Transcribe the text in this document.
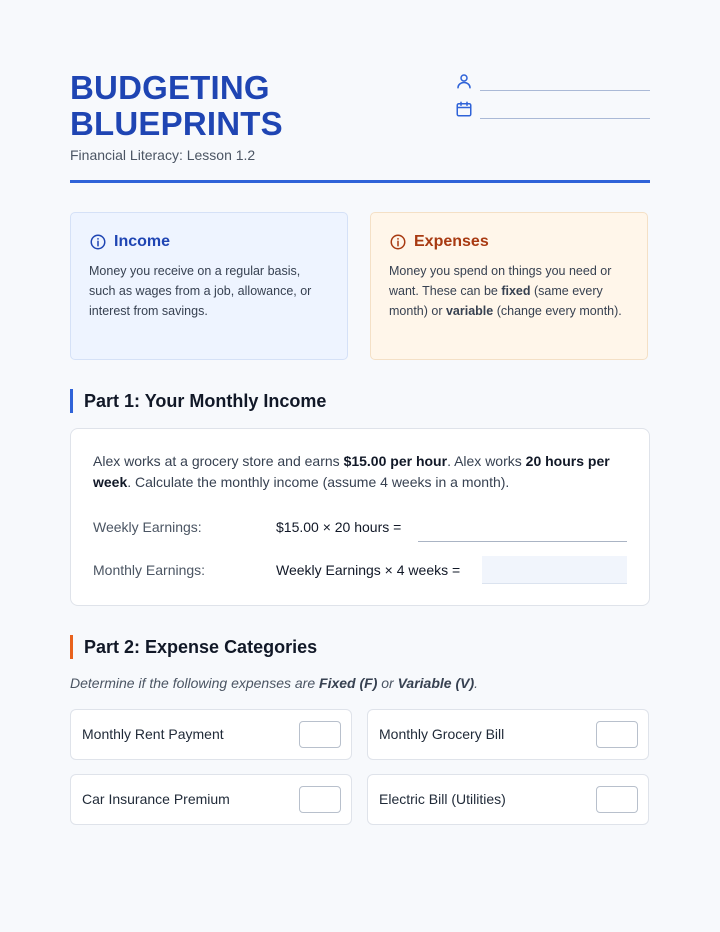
BUDGETING
BLUEPRINTS
Financial Literacy: Lesson 1.2
Income
Money you receive on a regular basis, such as wages from a job, allowance, or interest from savings.
Expenses
Money you spend on things you need or want. These can be fixed (same every month) or variable (change every month).
Part 1: Your Monthly Income
Alex works at a grocery store and earns $15.00 per hour. Alex works 20 hours per week. Calculate the monthly income (assume 4 weeks in a month).
Weekly Earnings:	$15.00 × 20 hours =
Monthly Earnings:	Weekly Earnings × 4 weeks =
Part 2: Expense Categories
Determine if the following expenses are Fixed (F) or Variable (V).
Monthly Rent Payment	Monthly Grocery Bill
Car Insurance Premium	Electric Bill (Utilities)
